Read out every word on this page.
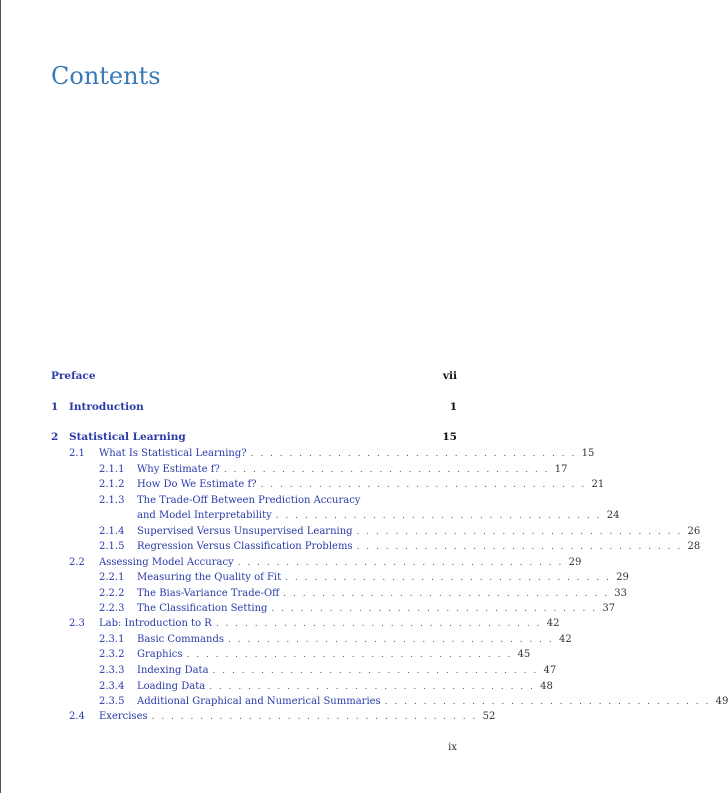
Contents
Preface	vii
1	Introduction	1
2	Statistical Learning	15
2.1	What Is Statistical Learning? . . . . . . . . . . . . . . . . . . . . . . . . . . . . . . . . . . 15
2.1.1	Why Estimate f? . . . . . . . . . . . . . . . . . . . . . . . . . . . . . . . . . . 17
2.1.2	How Do We Estimate f? . . . . . . . . . . . . . . . . . . . . . . . . . . . . . . . . . . 21
2.1.3	The Trade-Off Between Prediction Accuracy
and Model Interpretability . . . . . . . . . . . . . . . . . . . . . . . . . . . . . . . . . . 24
2.1.4	Supervised Versus Unsupervised Learning . . . . . . . . . . . . . . . . . . . . . . . . . . . . . . . . . . 26
2.1.5	Regression Versus Classification Problems . . . . . . . . . . . . . . . . . . . . . . . . . . . . . . . . . . 28
2.2	Assessing Model Accuracy . . . . . . . . . . . . . . . . . . . . . . . . . . . . . . . . . . 29
2.2.1	Measuring the Quality of Fit . . . . . . . . . . . . . . . . . . . . . . . . . . . . . . . . . . 29
2.2.2	The Bias-Variance Trade-Off . . . . . . . . . . . . . . . . . . . . . . . . . . . . . . . . . . 33
2.2.3	The Classification Setting . . . . . . . . . . . . . . . . . . . . . . . . . . . . . . . . . . 37
2.3	Lab: Introduction to R . . . . . . . . . . . . . . . . . . . . . . . . . . . . . . . . . . 42
2.3.1	Basic Commands . . . . . . . . . . . . . . . . . . . . . . . . . . . . . . . . . . 42
2.3.2	Graphics . . . . . . . . . . . . . . . . . . . . . . . . . . . . . . . . . . 45
2.3.3	Indexing Data . . . . . . . . . . . . . . . . . . . . . . . . . . . . . . . . . . 47
2.3.4	Loading Data . . . . . . . . . . . . . . . . . . . . . . . . . . . . . . . . . . 48
2.3.5	Additional Graphical and Numerical Summaries . . . . . . . . . . . . . . . . . . . . . . . . . . . . . . . . . . 49
2.4	Exercises . . . . . . . . . . . . . . . . . . . . . . . . . . . . . . . . . . 52
ix
